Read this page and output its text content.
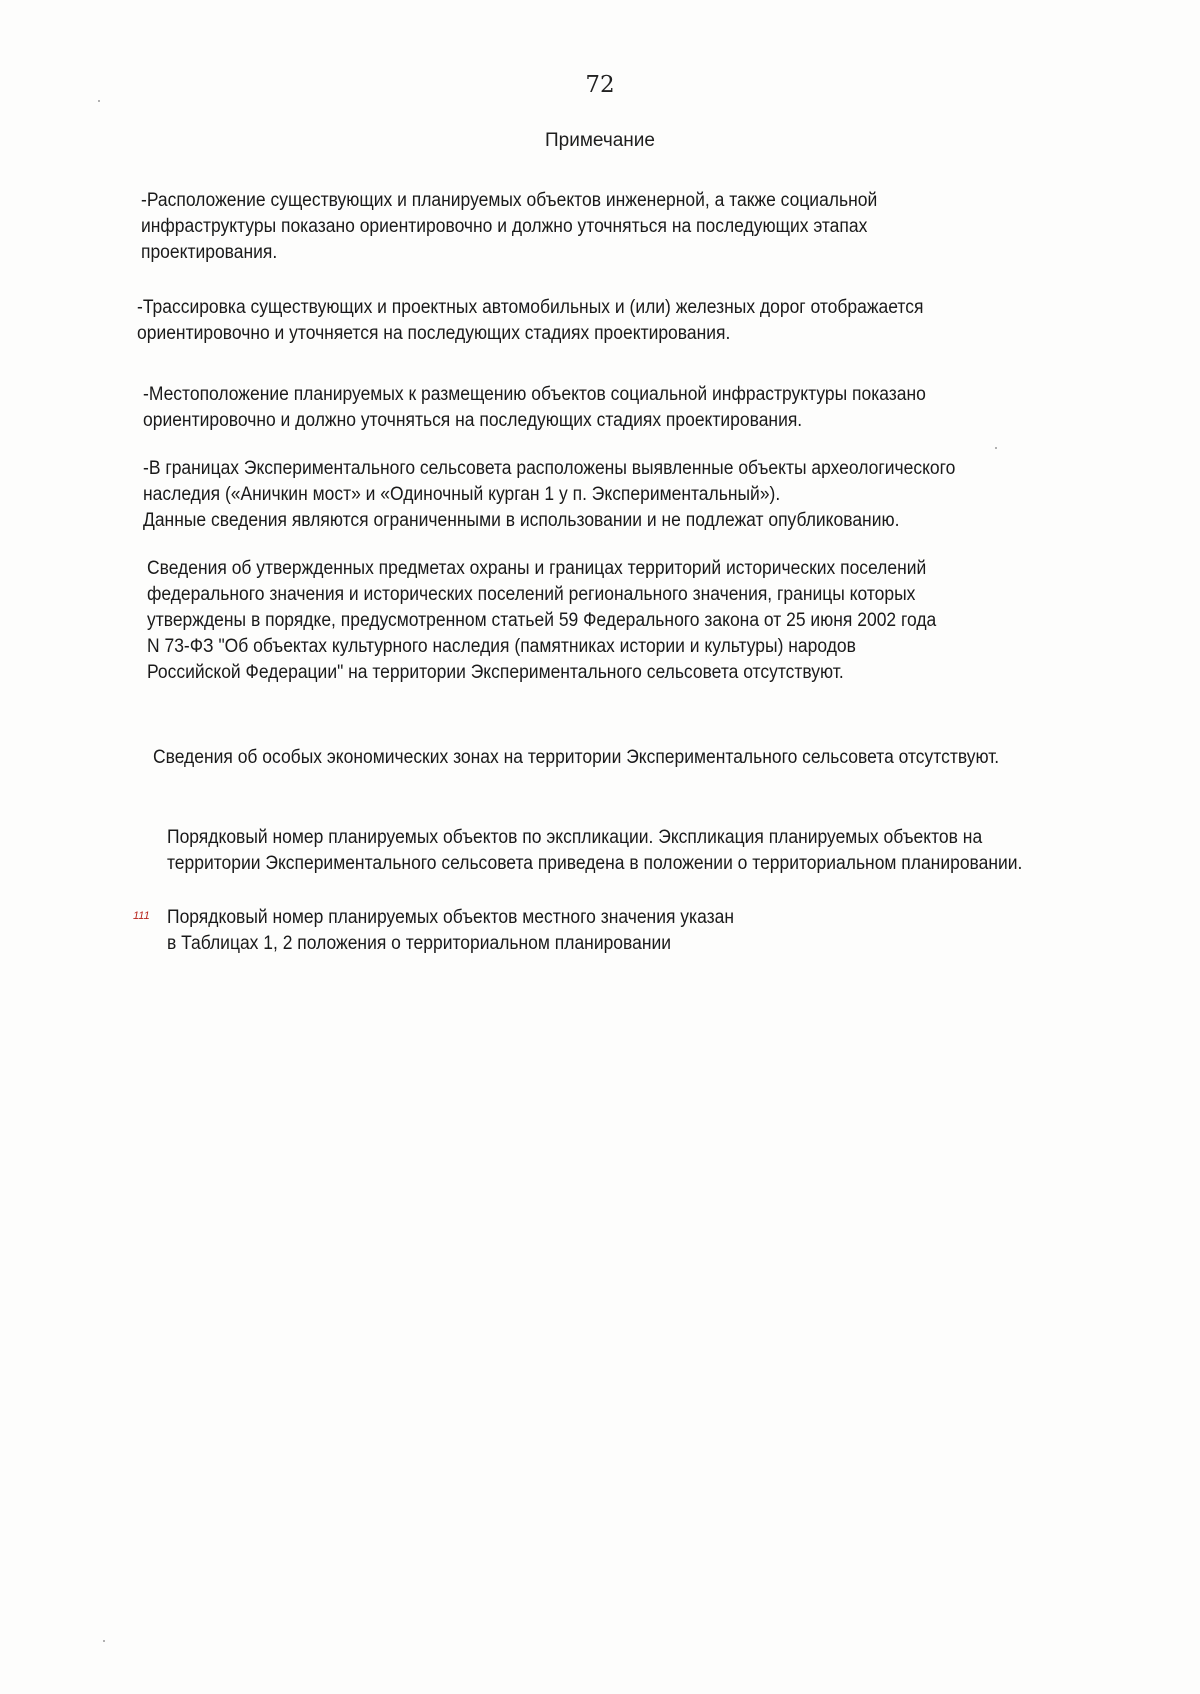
72
Примечание
-Расположение существующих и планируемых объектов инженерной, а также социальной
инфраструктуры показано ориентировочно и должно уточняться на последующих этапах
проектирования.
-Трассировка существующих и проектных автомобильных и (или) железных дорог отображается
ориентировочно и уточняется на последующих стадиях проектирования.
-Местоположение планируемых к размещению объектов социальной инфраструктуры показано
ориентировочно и должно уточняться на последующих стадиях проектирования.
-В границах Экспериментального сельсовета расположены выявленные объекты археологического
наследия («Аничкин мост» и «Одиночный курган 1 у п. Экспериментальный»).
Данные сведения являются ограниченными в использовании и не подлежат опубликованию.
Сведения об утвержденных предметах охраны и границах территорий исторических поселений
федерального значения и исторических поселений регионального значения, границы которых
утверждены в порядке, предусмотренном статьей 59 Федерального закона от 25 июня 2002 года
N 73-ФЗ "Об объектах культурного наследия (памятниках истории и культуры) народов
Российской Федерации" на территории Экспериментального сельсовета отсутствуют.
Сведения об особых экономических зонах на территории Экспериментального сельсовета отсутствуют.
Порядковый номер планируемых объектов по экспликации. Экспликация планируемых объектов на
территории Экспериментального сельсовета приведена в положении о территориальном планировании.
111 Порядковый номер планируемых объектов местного значения указан
в Таблицах 1, 2 положения о территориальном планировании
